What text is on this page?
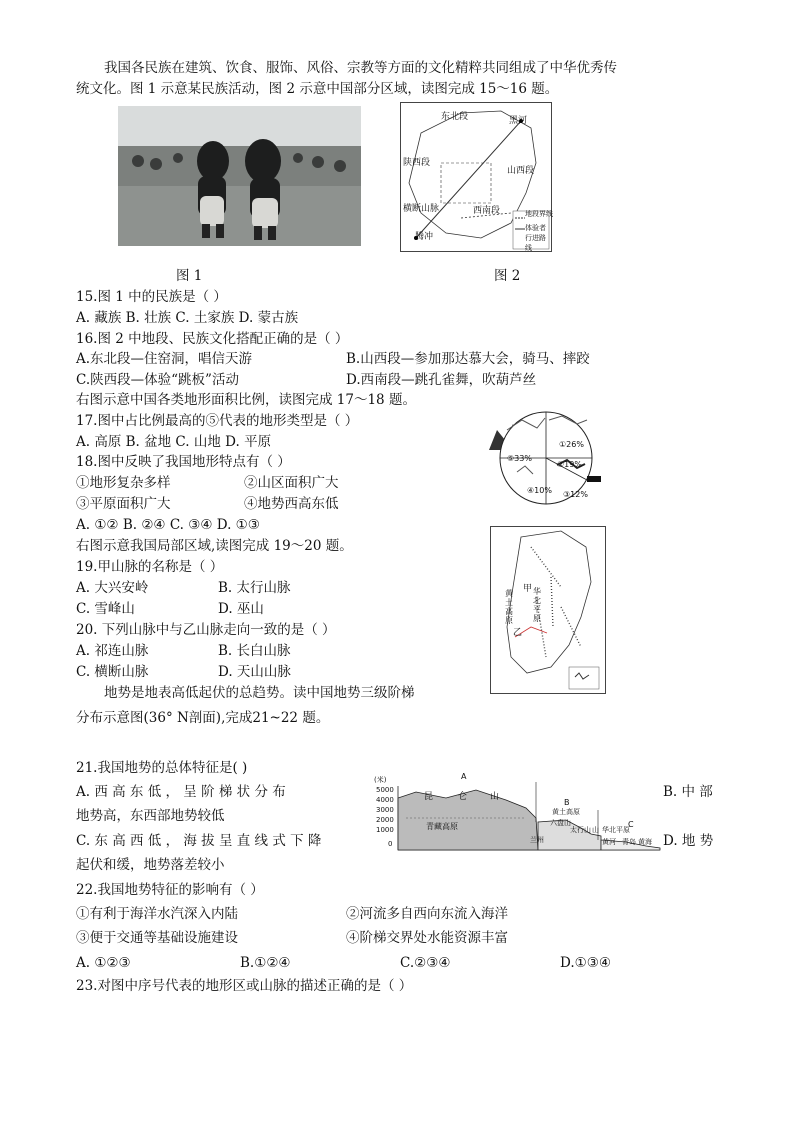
我国各民族在建筑、饮食、服饰、风俗、宗教等方面的文化精粹共同组成了中华优秀传
统文化。图 1 示意某民族活动，图 2 示意中国部分区域，读图完成 15～16 题。
东北段	黑河
陕西段
山西段
横断山脉	西南段
腾冲
地段界线
体验者行进路线
图 1	图 2
15.图 1 中的民族是（ ）
A. 藏族 B. 壮族 C. 土家族 D. 蒙古族
16.图 2 中地段、民族文化搭配正确的是（ ）
A.东北段—住窑洞，唱信天游	B.山西段—参加那达慕大会，骑马、摔跤
C.陕西段—体验“跳板”活动	D.西南段—跳孔雀舞，吹葫芦丝
右图示意中国各类地形面积比例，读图完成 17～18 题。
17.图中占比例最高的⑤代表的地形类型是（ ）
A. 高原 B. 盆地 C. 山地 D. 平原	①26%
②19%
③12%
④10%
⑤33%
18.图中反映了我国地形特点有（ ）
①地形复杂多样	②山区面积广大
③平原面积广大	④地势西高东低
A. ①② B. ②④ C. ③④ D. ①③
甲
乙
黄土高原
华北平原
右图示意我国局部区域,读图完成 19～20 题。
19.甲山脉的名称是（ ）
A. 大兴安岭	B. 太行山脉
C. 雪峰山	D. 巫山
20. 下列山脉中与乙山脉走向一致的是（ ）
A. 祁连山脉	B. 长白山脉
C. 横断山脉	D. 天山山脉
地势是地表高低起伏的总趋势。读中国地势三级阶梯
分布示意图(36° N剖面),完成21~22 题。
21.我国地势的总体特征是( )
A. 西 高 东 低 ， 呈 阶 梯 状 分 布	B. 中 部
地势高，东西部地势较低
C. 东 高 西 低 ， 海 拔 呈 直 线 式 下 降	D. 地 势
起伏和缓，地势落差较小
(米)
5000
4000
3000
2000
1000
0
A
B
C
昆	仑	山
青藏高原
黄土高原
六盘山
太行山 山 华北平原
黄河 青岛 黄海
兰州
22.我国地势特征的影响有（ ）
①有利于海洋水汽深入内陆	②河流多自西向东流入海洋
③便于交通等基础设施建设	④阶梯交界处水能资源丰富
A. ①②③	B.①②④	C.②③④	D.①③④
23.对图中序号代表的地形区或山脉的描述正确的是（ ）
